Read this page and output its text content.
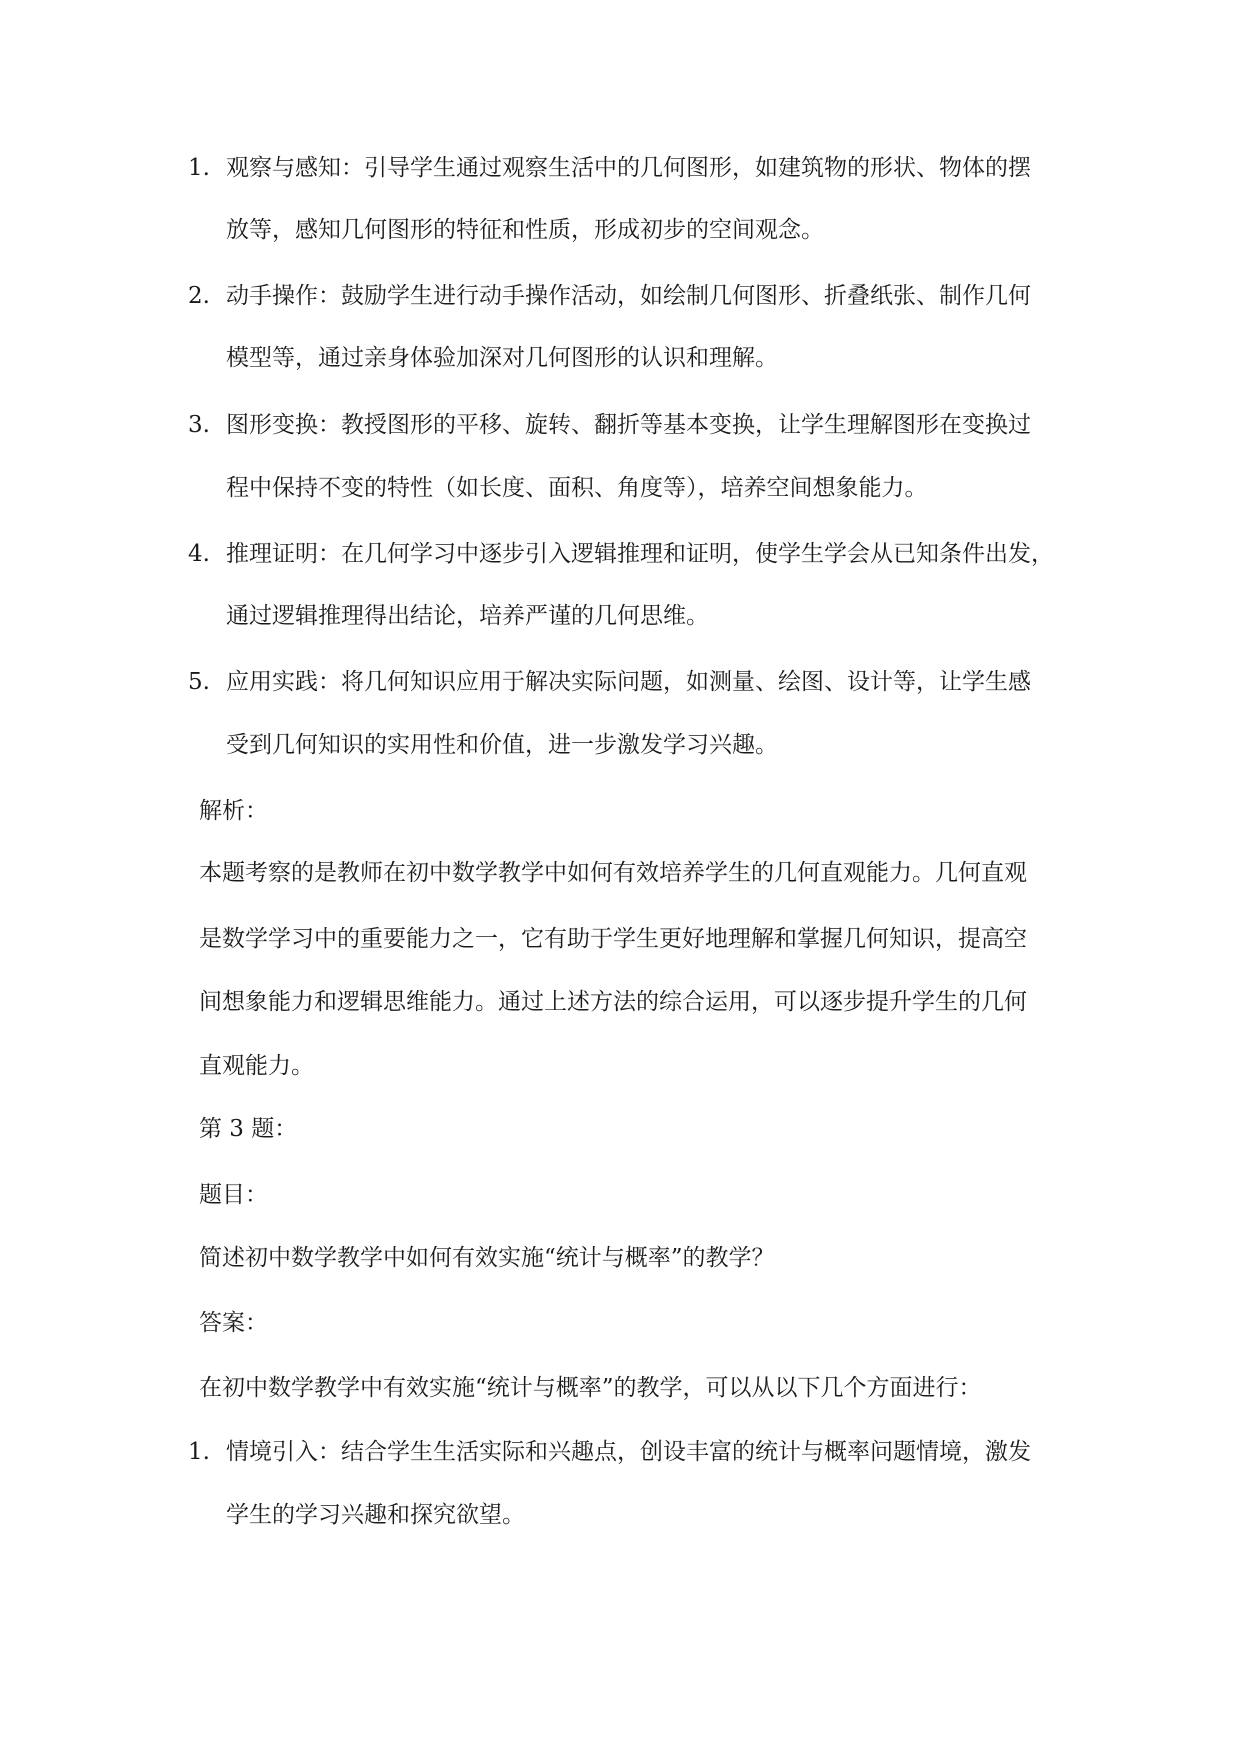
1. 观察与感知：引导学生通过观察生活中的几何图形，如建筑物的形状、物体的摆
放等，感知几何图形的特征和性质，形成初步的空间观念。
2. 动手操作：鼓励学生进行动手操作活动，如绘制几何图形、折叠纸张、制作几何
模型等，通过亲身体验加深对几何图形的认识和理解。
3. 图形变换：教授图形的平移、旋转、翻折等基本变换，让学生理解图形在变换过
程中保持不变的特性（如长度、面积、角度等），培养空间想象能力。
4. 推理证明：在几何学习中逐步引入逻辑推理和证明，使学生学会从已知条件出发，
通过逻辑推理得出结论，培养严谨的几何思维。
5. 应用实践：将几何知识应用于解决实际问题，如测量、绘图、设计等，让学生感
受到几何知识的实用性和价值，进一步激发学习兴趣。
解析：
本题考察的是教师在初中数学教学中如何有效培养学生的几何直观能力。几何直观
是数学学习中的重要能力之一，它有助于学生更好地理解和掌握几何知识，提高空
间想象能力和逻辑思维能力。通过上述方法的综合运用，可以逐步提升学生的几何
直观能力。
第 3 题：
题目：
简述初中数学教学中如何有效实施“统计与概率”的教学？
答案：
在初中数学教学中有效实施“统计与概率”的教学，可以从以下几个方面进行：
1. 情境引入：结合学生生活实际和兴趣点，创设丰富的统计与概率问题情境，激发
学生的学习兴趣和探究欲望。
